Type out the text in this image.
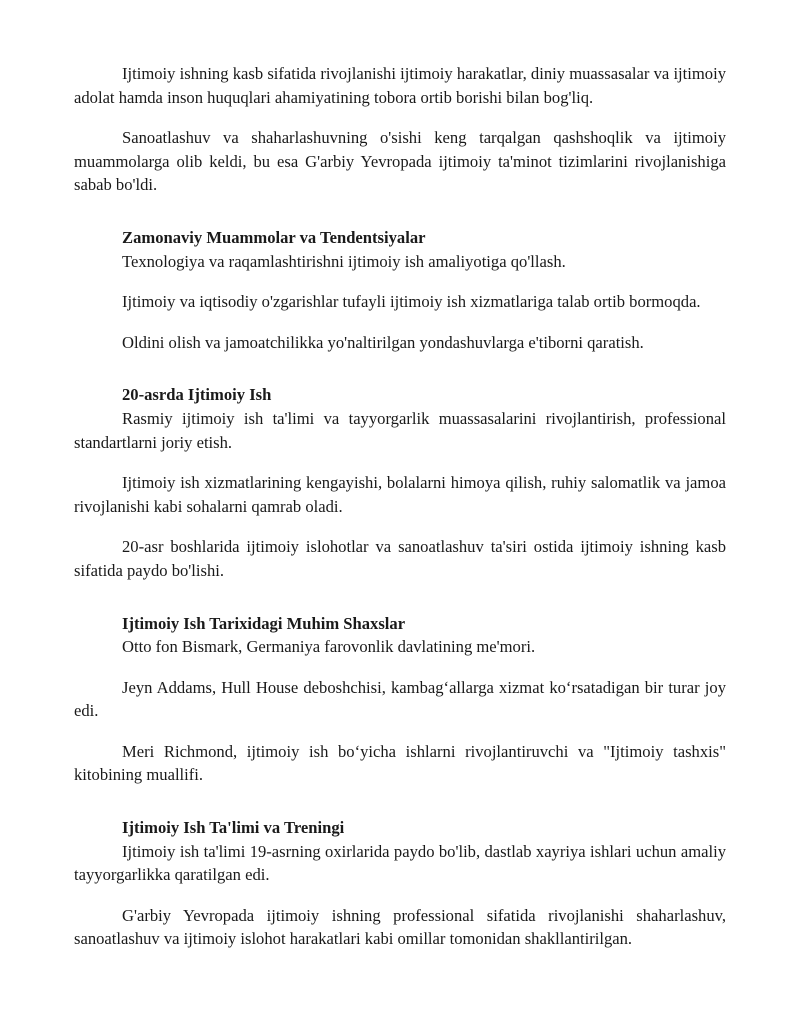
Ijtimoiy ishning kasb sifatida rivojlanishi ijtimoiy harakatlar, diniy muassasalar va ijtimoiy adolat hamda inson huquqlari ahamiyatining tobora ortib borishi bilan bog'liq.

Sanoatlashuv va shaharlashuvning o'sishi keng tarqalgan qashshoqlik va ijtimoiy muammolarga olib keldi, bu esa G'arbiy Yevropada ijtimoiy ta'minot tizimlarini rivojlanishiga sabab bo'ldi.

Zamonaviy Muammolar va Tendentsiyalar

Texnologiya va raqamlashtirishni ijtimoiy ish amaliyotiga qo'llash.

Ijtimoiy va iqtisodiy o'zgarishlar tufayli ijtimoiy ish xizmatlariga talab ortib bormoqda.

Oldini olish va jamoatchilikka yo'naltirilgan yondashuvlarga e'tiborni qaratish.

20-asrda Ijtimoiy Ish

Rasmiy ijtimoiy ish ta'limi va tayyorgarlik muassasalarini rivojlantirish, professional standartlarni joriy etish.

Ijtimoiy ish xizmatlarining kengayishi, bolalarni himoya qilish, ruhiy salomatlik va jamoa rivojlanishi kabi sohalarni qamrab oladi.

20-asr boshlarida ijtimoiy islohotlar va sanoatlashuv ta'siri ostida ijtimoiy ishning kasb sifatida paydo bo'lishi.

Ijtimoiy Ish Tarixidagi Muhim Shaxslar

Otto fon Bismark, Germaniya farovonlik davlatining me'mori.

Jeyn Addams, Hull House deboshchisi, kambag‘allarga xizmat ko‘rsatadigan bir turar joy edi.

Meri Richmond, ijtimoiy ish bo‘yicha ishlarni rivojlantiruvchi va "Ijtimoiy tashxis" kitobining muallifi.

Ijtimoiy Ish Ta'limi va Treningi

Ijtimoiy ish ta'limi 19-asrning oxirlarida paydo bo'lib, dastlab xayriya ishlari uchun amaliy tayyorgarlikka qaratilgan edi.

G'arbiy Yevropada ijtimoiy ishning professional sifatida rivojlanishi shaharlashuv, sanoatlashuv va ijtimoiy islohot harakatlari kabi omillar tomonidan shakllantirilgan.
